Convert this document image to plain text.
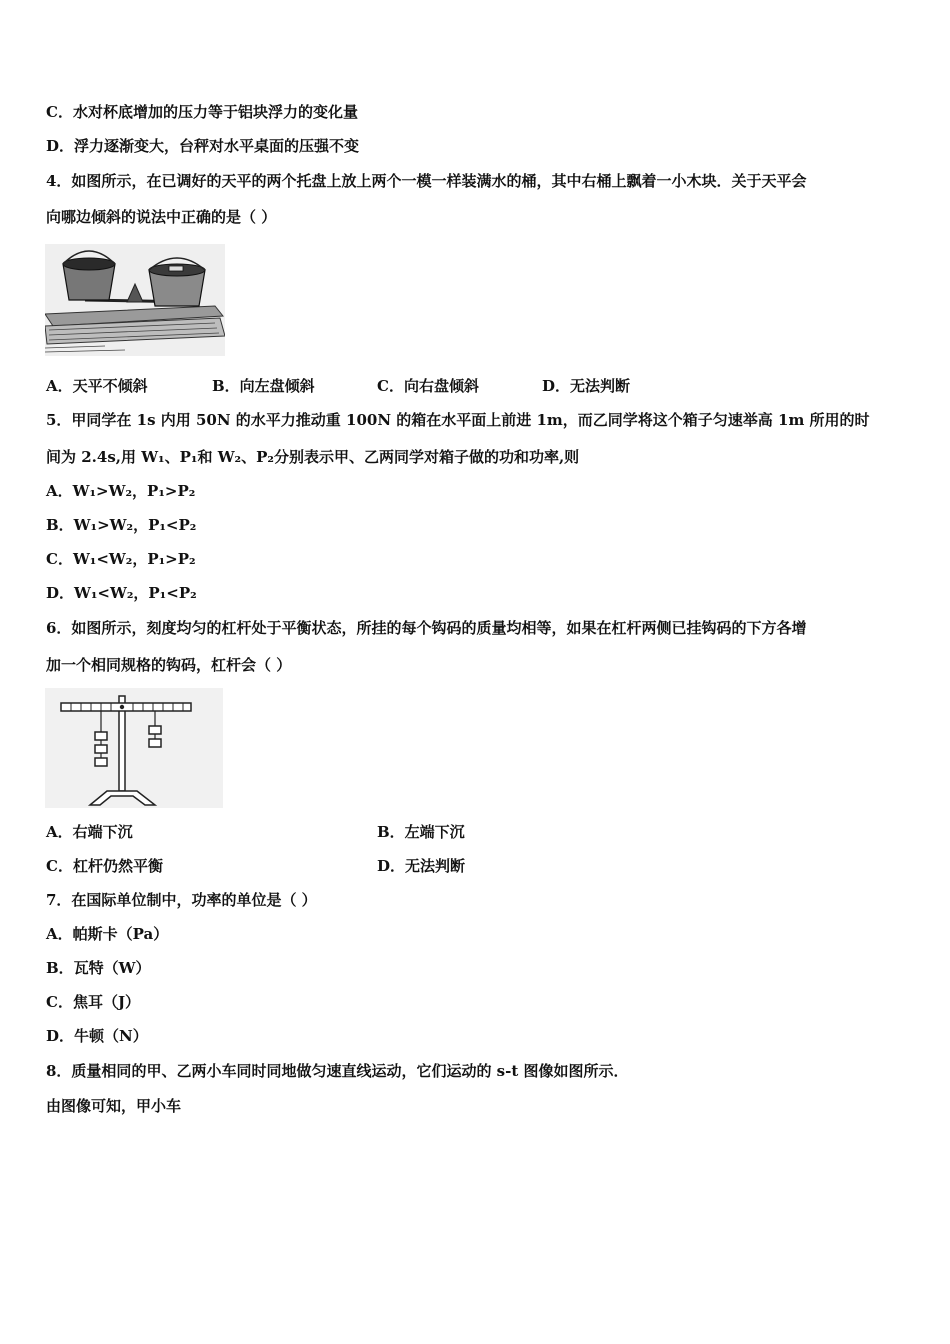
C．水对杯底增加的压力等于铝块浮力的变化量
D．浮力逐渐变大，台秤对水平桌面的压强不变
4．如图所示，在已调好的天平的两个托盘上放上两个一模一样装满水的桶，其中右桶上飘着一小木块．关于天平会
向哪边倾斜的说法中正确的是（ ）
A．天平不倾斜	B．向左盘倾斜	C．向右盘倾斜	D．无法判断
5．甲同学在 1s 内用 50N 的水平力推动重 100N 的箱在水平面上前进 1m，而乙同学将这个箱子匀速举高 1m 所用的时
间为 2.4s,用 W₁、P₁和 W₂、P₂分别表示甲、乙两同学对箱子做的功和功率,则
A．W₁>W₂，P₁>P₂
B．W₁>W₂，P₁<P₂
C．W₁<W₂，P₁>P₂
D．W₁<W₂，P₁<P₂
6．如图所示，刻度均匀的杠杆处于平衡状态，所挂的每个钩码的质量均相等，如果在杠杆两侧已挂钩码的下方各增
加一个相同规格的钩码，杠杆会（ ）
A．右端下沉	B．左端下沉
C．杠杆仍然平衡	D．无法判断
7．在国际单位制中，功率的单位是（ ）
A．帕斯卡（Pa）
B．瓦特（W）
C．焦耳（J）
D．牛顿（N）
8．质量相同的甲、乙两小车同时同地做匀速直线运动，它们运动的 s-t 图像如图所示．
由图像可知，甲小车
